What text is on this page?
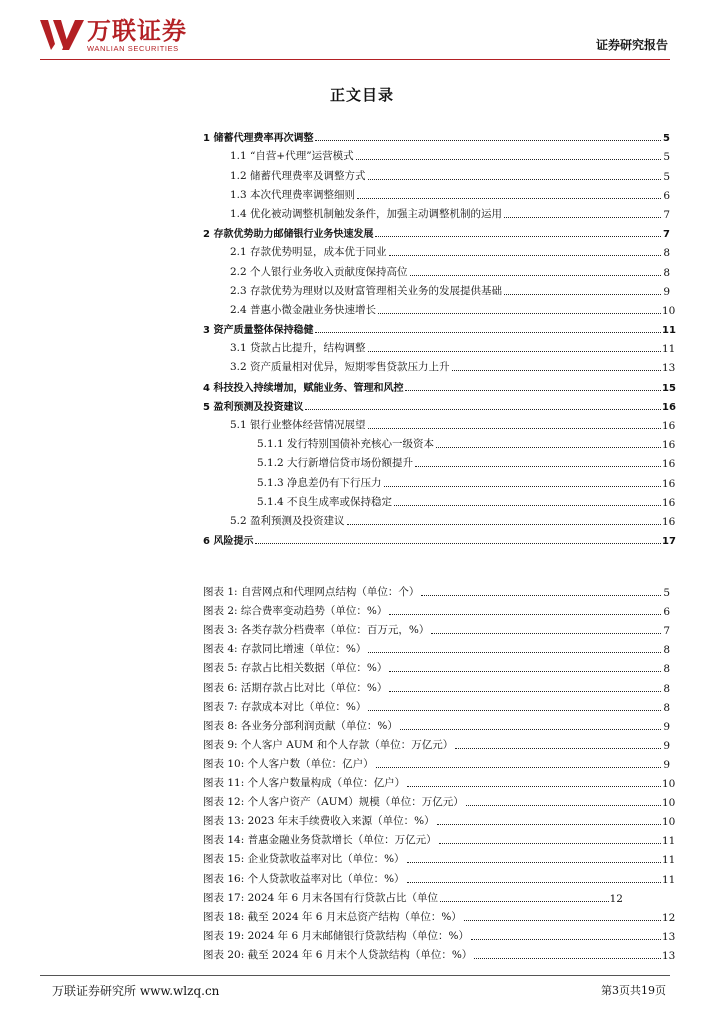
万联证券
WANLIAN SECURITIES	证券研究报告
正文目录
1 储蓄代理费率再次调整	5
1.1 “自营+代理”运营模式	5
1.2 储蓄代理费率及调整方式	5
1.3 本次代理费率调整细则	6
1.4 优化被动调整机制触发条件，加强主动调整机制的运用	7
2 存款优势助力邮储银行业务快速发展	7
2.1 存款优势明显，成本优于同业	8
2.2 个人银行业务收入贡献度保持高位	8
2.3 存款优势为理财以及财富管理相关业务的发展提供基础	9
2.4 普惠小微金融业务快速增长	10
3 资产质量整体保持稳健	11
3.1 贷款占比提升，结构调整	11
3.2 资产质量相对优异，短期零售贷款压力上升	13
4 科技投入持续增加，赋能业务、管理和风控	15
5 盈利预测及投资建议	16
5.1 银行业整体经营情况展望	16
5.1.1 发行特别国债补充核心一级资本	16
5.1.2 大行新增信贷市场份额提升	16
5.1.3 净息差仍有下行压力	16
5.1.4 不良生成率或保持稳定	16
5.2 盈利预测及投资建议	16
6 风险提示	17
图表 1: 自营网点和代理网点结构（单位：个）	5
图表 2: 综合费率变动趋势（单位：%）	6
图表 3: 各类存款分档费率（单位：百万元，%）	7
图表 4: 存款同比增速（单位：%）	8
图表 5: 存款占比相关数据（单位：%）	8
图表 6: 活期存款占比对比（单位：%）	8
图表 7: 存款成本对比（单位：%）	8
图表 8: 各业务分部利润贡献（单位：%）	9
图表 9: 个人客户 AUM 和个人存款（单位：万亿元）	9
图表 10: 个人客户数（单位：亿户）	9
图表 11: 个人客户数量构成（单位：亿户）	10
图表 12: 个人客户资产（AUM）规模（单位：万亿元）	10
图表 13: 2023 年末手续费收入来源（单位：%）	10
图表 14: 普惠金融业务贷款增长（单位：万亿元）	11
图表 15: 企业贷款收益率对比（单位：%）	11
图表 16: 个人贷款收益率对比（单位：%）	11
图表 17: 2024 年 6 月末各国有行贷款占比（单位	12
图表 18: 截至 2024 年 6 月末总资产结构（单位：%）	12
图表 19: 2024 年 6 月末邮储银行贷款结构（单位：%）	13
图表 20: 截至 2024 年 6 月末个人贷款结构（单位：%）	13
万联证券研究所 www.wlzq.cn	第3页共19页
